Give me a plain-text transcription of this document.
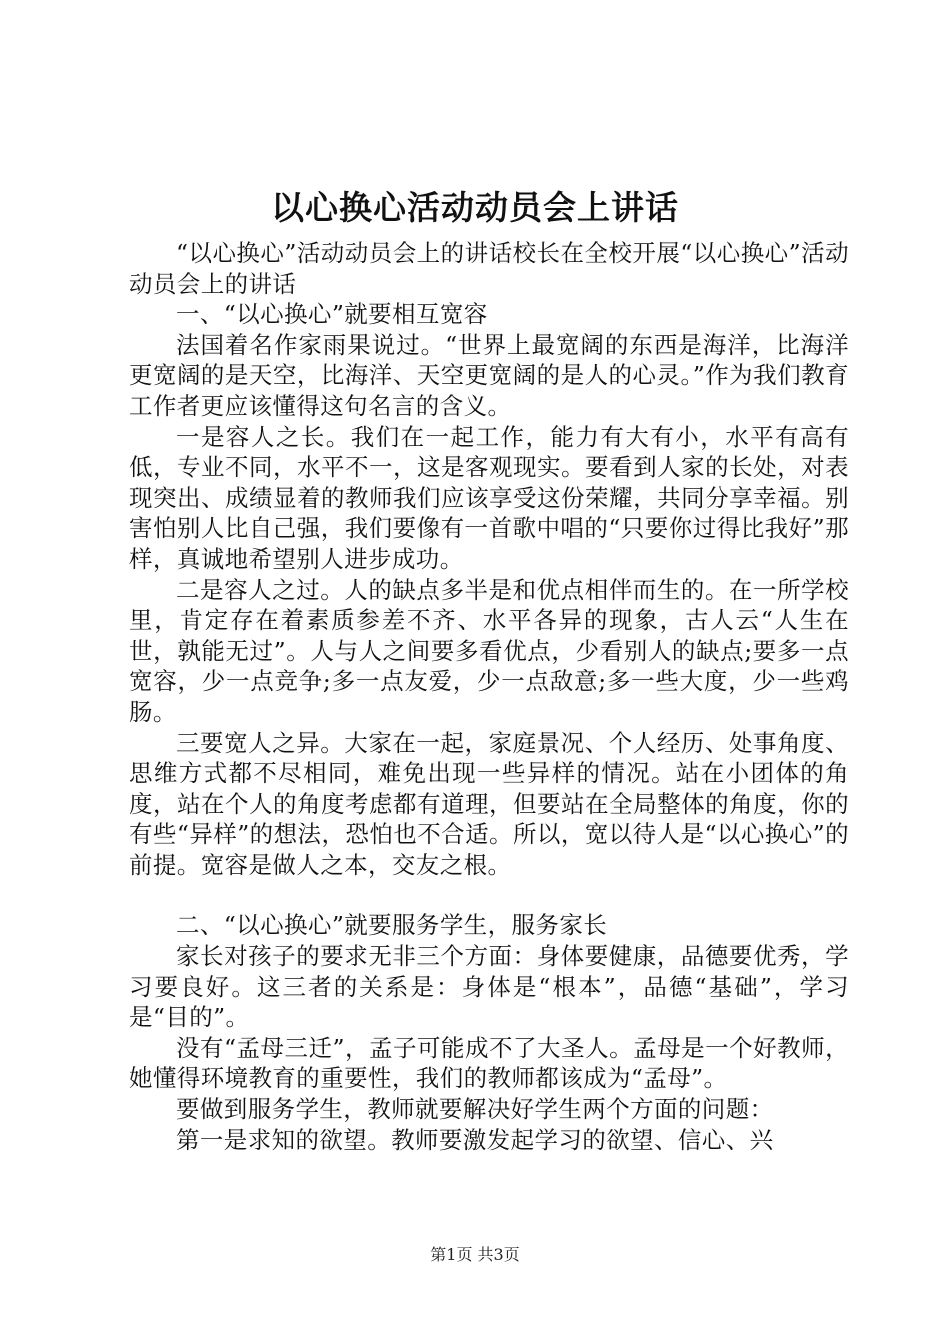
以心换心活动动员会上讲话

“以心换心”活动动员会上的讲话校长在全校开展“以心换心”活动动员会上的讲话

一、“以心换心”就要相互宽容

法国着名作家雨果说过。“世界上最宽阔的东西是海洋，比海洋更宽阔的是天空，比海洋、天空更宽阔的是人的心灵。”作为我们教育工作者更应该懂得这句名言的含义。

一是容人之长。我们在一起工作，能力有大有小，水平有高有低，专业不同，水平不一，这是客观现实。要看到人家的长处，对表现突出、成绩显着的教师我们应该享受这份荣耀，共同分享幸福。别害怕别人比自己强，我们要像有一首歌中唱的“只要你过得比我好”那样，真诚地希望别人进步成功。

二是容人之过。人的缺点多半是和优点相伴而生的。在一所学校里，肯定存在着素质参差不齐、水平各异的现象，古人云“人生在世，孰能无过”。人与人之间要多看优点，少看别人的缺点;要多一点宽容，少一点竞争;多一点友爱，少一点敌意;多一些大度，少一些鸡肠。

三要宽人之异。大家在一起，家庭景况、个人经历、处事角度、思维方式都不尽相同，难免出现一些异样的情况。站在小团体的角度，站在个人的角度考虑都有道理，但要站在全局整体的角度，你的有些“异样”的想法，恐怕也不合适。所以，宽以待人是“以心换心”的前提。宽容是做人之本，交友之根。

二、“以心换心”就要服务学生，服务家长

家长对孩子的要求无非三个方面：身体要健康，品德要优秀，学习要良好。这三者的关系是：身体是“根本”，品德“基础”，学习是“目的”。

没有“孟母三迁”，孟子可能成不了大圣人。孟母是一个好教师，她懂得环境教育的重要性，我们的教师都该成为“孟母”。

要做到服务学生，教师就要解决好学生两个方面的问题：

第一是求知的欲望。教师要激发起学习的欲望、信心、兴

第1页 共3页
